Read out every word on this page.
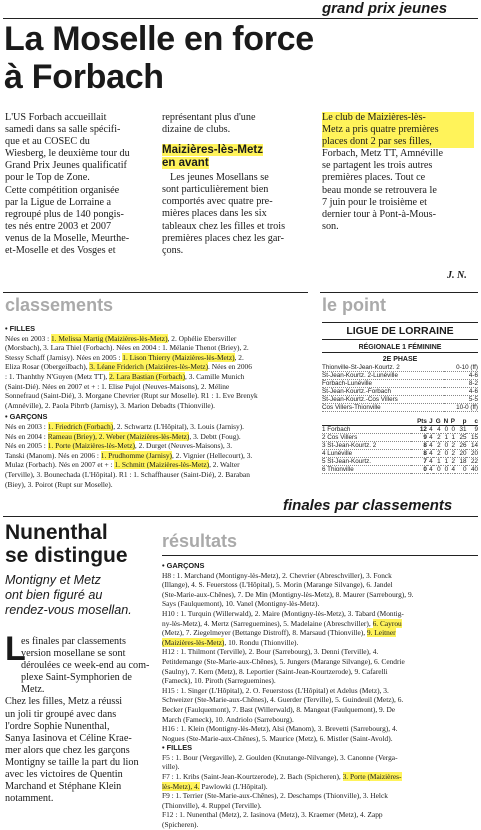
grand prix jeunes
La Moselle en force
à Forbach
L'US Forbach accueillait
samedi dans sa salle spécifi-
que et au COSEC du
Wiesberg, le deuxième tour du
Grand Prix Jeunes qualificatif
pour le Top de Zone.
Cette compétition organisée
par la Ligue de Lorraine a
regroupé plus de 140 pongis-
tes nés entre 2003 et 2007
venus de la Moselle, Meurthe-
et-Moselle et des Vosges et
représentant plus d'une
dizaine de clubs.
Maizières-lès-Metz
en avant
Les jeunes Mosellans se
sont particulièrement bien
comportés avec quatre pre-
mières places dans les six
tableaux chez les filles et trois
premières places chez les gar-
çons.
Le club de Maizières-lès-
Metz a pris quatre premières
places dont 2 par ses filles,
Forbach, Metz TT, Amnéville
se partagent les trois autres
premières places. Tout ce
beau monde se retrouvera le
7 juin pour le troisième et
dernier tour à Pont-à-Mous-
son.
J. N.
classements	le point
• FILLES
Nées en 2003 : 1. Melissa Martig (Maizières-lès-Metz), 2. Ophélie Ebersviller
(Morsbach), 3. Lara Thiel (Forbach). Nées en 2004 : 1. Mélanie Thenot (Briey), 2.
Stessy Schaff (Jarnisy). Nées en 2005 : 1. Lison Thierry (Maizières-lès-Metz), 2.
Eliza Rosar (Obergeilbach), 3. Léane Friderich (Maizières-lès-Metz). Nées en 2006
: 1. Thanhthy N'Guyen (Metz TT), 2. Lara Bastian (Forbach), 3. Camille Munich
(Saint-Dié). Nées en 2007 et + : 1. Elise Pujol (Neuves-Maisons), 2. Méline
Sonnefraud (Saint-Dié), 3. Morgane Chevrier (Rupt sur Moselle). R1 : 1. Eve Brenyk
(Amnéville), 2. Paola Pibrrb (Jarnisy), 3. Marion Debadts (Thionville).
• GARÇONS
Nés en 2003 : 1. Friedrich (Forbach), 2. Schwartz (L'Hôpital), 3. Louis (Jarnisy).
Nés en 2004 : Rameau (Briey), 2. Weber (Maizières-lès-Metz), 3. Debtt (Foug).
Nés en 2005 : 1. Porte (Maizières-lès-Metz), 2. Durget (Neuves-Maisons), 3.
Tanski (Manom). Nés en 2006 : 1. Prudhomme (Jarnisy), 2. Vignier (Hellecourt), 3.
Mulaz (Forbach). Nés en 2007 et + : 1. Schmitt (Maizières-lès-Metz), 2. Walter
(Terville), 3. Bounechada (L'Hôpital). R1 : 1. Schaffhauser (Saint-Dié), 2. Baraban
(Biey), 3. Poirot (Rupt sur Moselle).
LIGUE DE LORRAINE
RÉGIONALE 1 FÉMININE
2E PHASE
Thionville-St-Jean-Kourtz. 2	0-10 (ff)
St-Jean-Kourtz. 2-Lunéville	4-6
Forbach-Lunéville	8-2
St-Jean-Kourtz.-Forbach	4-6
St-Jean-Kourtz.-Cos Villers	5-5
Cos Villers-Thionville	10-0 (ff)
	Pts	J	G	N	P	p	c
1 Forbach	12	4	4	0	0	31	9
2 Cos Villers	9	4	2	1	1	25	15
3 St-Jean-Kourtz. 2	8	4	2	0	2	26	14
4 Lunéville	8	4	2	0	2	20	20
5 St-Jean-Kourtz.	7	4	1	1	2	18	22
6 Thionville	0	4	0	0	4	0	40
finales par classements
Nunenthal
se distingue
Montigny et Metz
ont bien figuré au
rendez-vous mosellan.
L
es finales par classements
version mosellane se sont
déroulées ce week-end au com-
plexe Saint-Symphorien de
Metz.
Chez les filles, Metz a réussi
un joli tir groupé avec dans
l'ordre Sophie Nunenthal,
Sanya Iasinova et Céline Krae-
mer alors que chez les garçons
Montigny se taille la part du lion
avec les victoires de Quentin
Marchand et Stéphane Klein
notamment.
résultats
• GARÇONS
H8 : 1. Marchand (Montigny-lès-Metz), 2. Chevrier (Abreschviller), 3. Fonck
(Illange), 4. S. Feuerstoss (L'Hôpital), 5. Morin (Marange Silvange), 6. Jandel
(Ste-Marie-aux-Chênes), 7. De Min (Montigny-lès-Metz), 8. Maurer (Sarrebourg), 9.
Says (Faulquemont), 10. Vanel (Montigny-lès-Metz).
H10 : 1. Turquin (Willerwald), 2. Maire (Montigny-lès-Metz), 3. Tabard (Montig-
ny-lès-Metz), 4. Mertz (Sarreguemines), 5. Madelaine (Abreschviller), 6. Cayrou
(Metz), 7. Ziegelmeyer (Bettange Distroff), 8. Marsaud (Thionville), 9. Leitner
(Maizières-lès-Metz), 10. Rondu (Thionville).
H12 : 1. Thilmont (Terville), 2. Bour (Sarrebourg), 3. Denni (Terville), 4.
Petitdemange (Ste-Marie-aux-Chênes), 5. Jungers (Marange Silvange), 6. Cendrie
(Saulny), 7. Kern (Metz), 8. Leportier (Saint-Jean-Kourtzerode), 9. Cafarelli
(Fameck), 10. Piroth (Sarreguemines).
H15 : 1. Singer (L'Hôpital), 2. O. Feuerstoss (L'Hôpital) et Adelus (Metz), 3.
Schweizer (Ste-Marie-aux-Chênes), 4. Guerder (Terville), 5. Guindeuil (Metz), 6.
Becker (Faulquemont), 7. Bast (Willerwald), 8. Mangeat (Faulquemont), 9. De
March (Fameck), 10. Andriolo (Sarrebourg).
H16 : 1. Klein (Montigny-lès-Metz), Alsi (Manom), 3. Brevetti (Sarrebourg), 4.
Nogues (Ste-Marie-aux-Chênes), 5. Maurice (Metz), 6. Mistler (Saint-Avold).
• FILLES
F5 : 1. Bour (Vergaville), 2. Goulden (Knutange-Nilvange), 3. Canonne (Verga-
ville).
F7 : 1. Kribs (Saint-Jean-Kourtzerode), 2. Bach (Spicheren), 3. Porte (Maizières-
lès-Metz), 4. Pawlowki (L'Hôpital).
F9 : 1. Terrier (Ste-Marie-aux-Chênes), 2. Deschamps (Thionville), 3. Helck
(Thionville), 4. Ruppel (Terville).
F12 : 1. Nunenthal (Metz), 2. Iasinova (Metz), 3. Kraemer (Metz), 4. Zapp
(Spicheren).
